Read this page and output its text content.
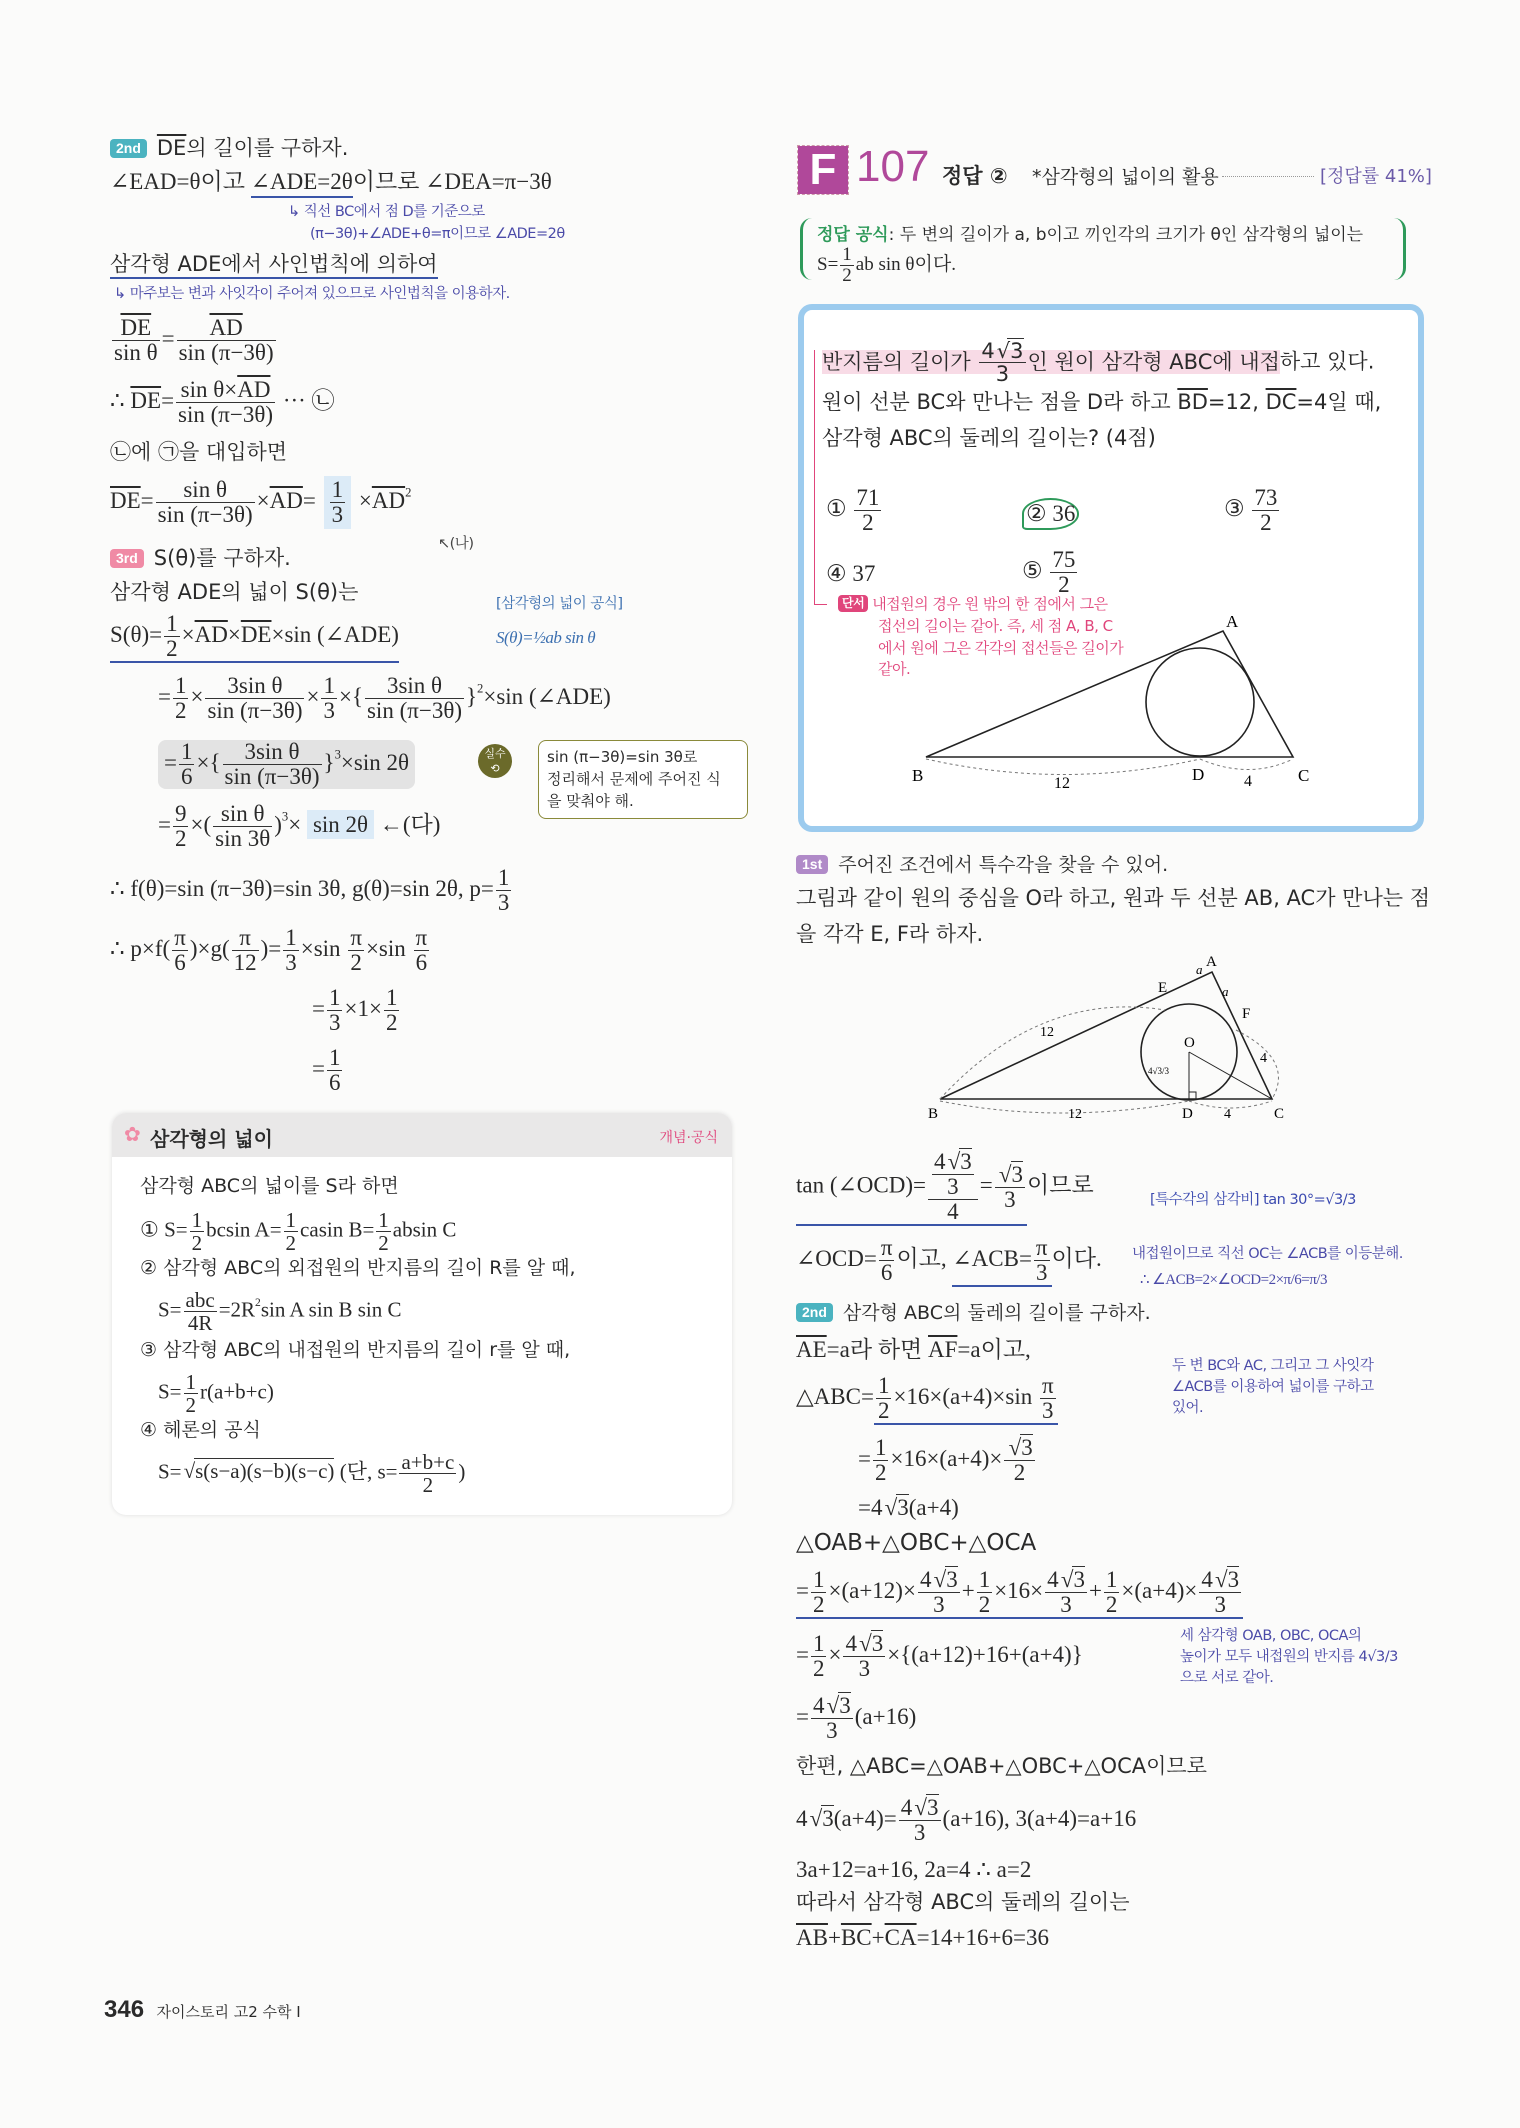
2nd $\overline{DE}$의 길이를 구하자.
∠EAD=θ이고 ∠ADE=2θ이므로 ∠DEA=π−3θ
↳ 직선 BC에서 점 D를 기준으로
(π−3θ)+∠ADE+θ=π이므로 ∠ADE=2θ
삼각형 ADE에서 사인법칙에 의하여
↳ 마주보는 변과 사잇각이 주어져 있으므로 사인법칙을 이용하자.
$\frac{\overline{DE}}{\text{sin θ}} = \frac{\overline{AD}}{\sin (\pi-3\theta)}$
∴ $\overline{DE}= \frac{\sin \theta\times\overline{AD}}{\sin (\pi-3\theta)}$ ··· ㉡
㉡에 ㉠을 대입하면
$\overline{DE}= \frac{\text{sin θ}}{\sin (\pi-3\theta)} \times\overline{AD}= \frac{1}{3} \times\overline{AD}^2$
↖(나)
3rd S(θ)를 구하자.
삼각형 ADE의 넓이 S(θ)는	[삼각형의 넓이 공식]
S(θ)=½ab sin θ
$S(\theta)= \frac{1}{2} \times\overline{AD}\times\overline{DE}\times\sin$ (∠ADE)
= $\frac{1}{2} \times \frac{\text{3sin θ}}{\sin (\pi-3\theta)} \times \frac{1}{3}$ ×{ $\frac{\text{3sin θ}}{\sin (\pi-3\theta)} \}^2\times\sin$ (∠ADE)
= $\frac{1}{6}$ ×{ $\frac{\text{3sin θ}}{\sin (\pi-3\theta)} \}^3\times\sin$ 2θ	실수
⟲
sin (π−3θ)=sin 3θ로
정리해서 문제에 주어진 식
을 맞춰야 해.
= $\frac{9}{2}$ ×( $\frac{\text{sin θ}}{\sin 3\theta} )^3\times \sin 2\theta$ ←(다)
∴ f(θ)=sin (π−3θ)=sin 3θ, g(θ)=sin 2θ, $p= \frac{1}{3}$
∴ $p\times f( \frac{\pi}{6} )\times g( \frac{\pi}{12}$ )= $\frac{1}{3} \times\sin \frac{\pi}{2} \times\sin \frac{\pi}{6}$
= $\frac{1}{3} \times 1\times \frac{1}{2}$
= $\frac{1}{6}$
✿ 삼각형의 넓이	개념·공식
삼각형 ABC의 넓이를 S라 하면
① $S= \frac{1}{2}$ bcsin $A= \frac{1}{2}$ casin $B= \frac{1}{2}$ absin C
② 삼각형 ABC의 외접원의 반지름의 길이 R를 알 때,
$S= \frac{\text{abc}}{4R} =2R^2\sin$ A sin B sin C
③ 삼각형 ABC의 내접원의 반지름의 길이 r를 알 때,
$S= \frac{1}{2} r(a+b+c)$
④ 헤론의 공식
S= √ s(s−a)(s−b)(s−c) (단, $s= \frac{a+b+c}{2}$ )
346 자이스토리 고2 수학 I
F 107 정답 ② *삼각형의 넓이의 활용	[정답률 41%]
정답 공식: 두 변의 길이가 a, b이고 끼인각의 크기가 θ인 삼각형의 넓이는
$S= \frac{1}{2}$ ab sin θ이다.
반지름의 길이가 $\frac{4 √ 3}{3}$ 인 원이 삼각형 ABC에 내접하고 있다.
원이 선분 BC와 만나는 점을 D라 하고 $\overline{BD}=12$, $\overline{DC}=4$일 때,
삼각형 ABC의 둘레의 길이는? (4점)
① $\frac{71}{2}$	② 36	③ $\frac{73}{2}$
④ 37	⑤ $\frac{75}{2}$
단서 내접원의 경우 원 밖의 한 점에서 그은
접선의 길이는 같아. 즉, 세 점 A, B, C
에서 원에 그은 각각의 접선들은 길이가
같아.
A
B	C
D
12	4
1st 주어진 조건에서 특수각을 찾을 수 있어.
그림과 같이 원의 중심을 O라 하고, 원과 두 선분 AB, AC가 만나는 점
을 각각 E, F라 하자.
A
B	C
D
E
F
O
12
12	4
4
a
a
4√3/3
tan (∠OCD)= $\frac{\frac{4 √ 3}{3}}{4}$ = √ $\frac{3}{3}$ 이므로
[특수각의 삼각비] tan 30°=√3/3
∠OCD= $\frac{\pi}{6}$ 이고, ∠ACB= $\frac{\pi}{3}$ 이다. 내접원이므로 직선 OC는 ∠ACB를 이등분해.
∴ ∠ACB=2×∠OCD=2×π/6=π/3
2nd 삼각형 ABC의 둘레의 길이를 구하자.
$\overline{AE}=a$라 하면 $\overline{AF}=a$이고,
△ABC= $\frac{1}{2} \times 16\times(a+4)\times\sin \frac{\pi}{3}$
두 변 BC와 AC, 그리고 그 사잇각
∠ACB를 이용하여 넓이를 구하고
있어.
= $\frac{1}{2} \times 16\times(a+4)\times$ √ $\frac{3}{2}$
=4 √ 3(a+4)
△OAB+△OBC+△OCA
= $\frac{1}{2} \times(a+12)\times \frac{4 √ 3}{3} + \frac{1}{2} \times 16\times \frac{4 √ 3}{3} + \frac{1}{2} \times(a+4)\times \frac{4 √ 3}{3}$
= $\frac{1}{2} \times \frac{4 √ 3}{3} \times\{(a+12)+16+(a+4)\}$
세 삼각형 OAB, OBC, OCA의
높이가 모두 내접원의 반지름 4√3/3
으로 서로 같아.
= $\frac{4 √ 3}{3} (a+16)$
한편, △ABC=△OAB+△OBC+△OCA이므로
4 √ $3(a+4)= \frac{4 √ 3}{3} (a+16)$, 3(a+4)=a+16
3a+12=a+16, 2a=4 ∴ a=2
따라서 삼각형 ABC의 둘레의 길이는
$\overline{AB}+\overline{BC}+\overline{CA}=14+16+6=36$
